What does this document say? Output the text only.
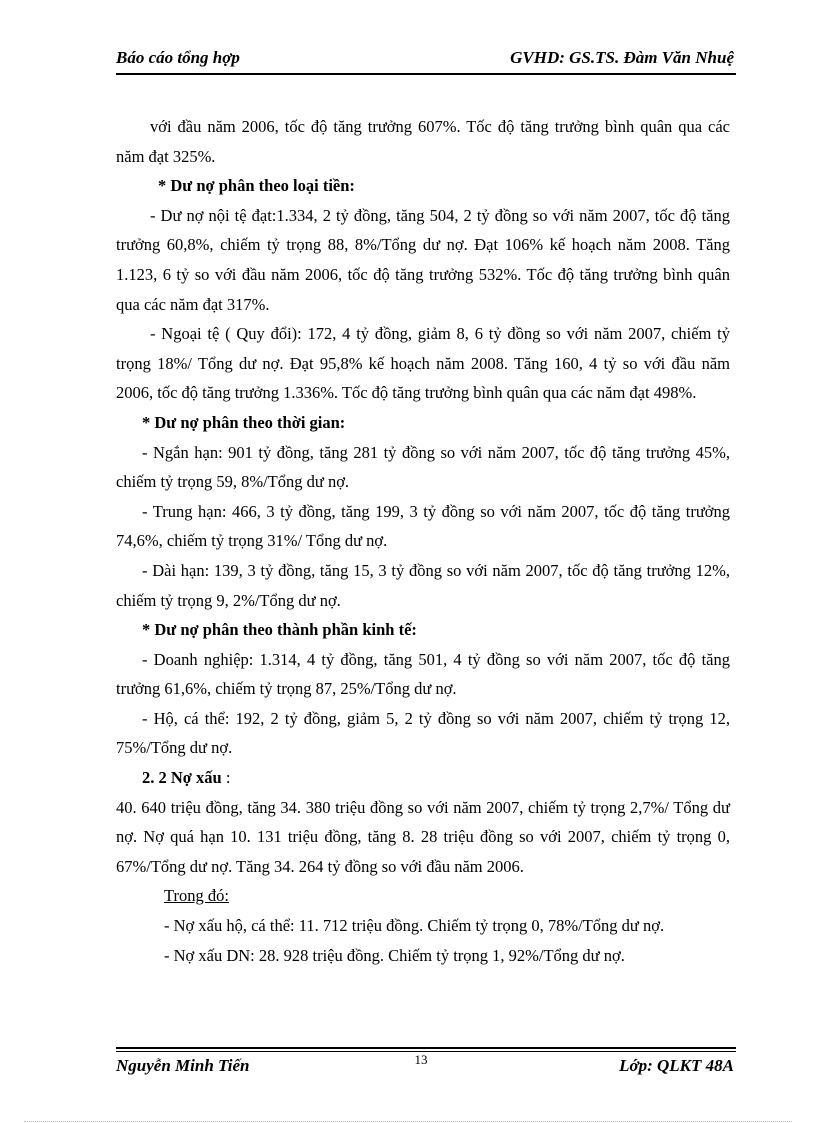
Báo cáo tổng hợp	GVHD: GS.TS. Đàm Văn Nhuệ

với đầu năm 2006, tốc độ tăng trưởng 607%. Tốc độ tăng trưởng bình quân qua các năm đạt 325%.

* Dư nợ phân theo loại tiền:

- Dư nợ nội tệ đạt:1.334, 2 tỷ đồng, tăng 504, 2 tỷ đồng so với năm 2007, tốc độ tăng trưởng 60,8%, chiếm tỷ trọng 88, 8%/Tổng dư nợ. Đạt 106% kế hoạch năm 2008. Tăng 1.123, 6 tỷ so với đầu năm 2006, tốc độ tăng trưởng 532%. Tốc độ tăng trưởng bình quân qua các năm đạt 317%.

- Ngoại tệ ( Quy đổi): 172, 4 tỷ đồng, giảm 8, 6 tỷ đồng so với năm 2007, chiếm tỷ trọng 18%/ Tổng dư nợ. Đạt 95,8% kế hoạch năm 2008. Tăng 160, 4 tỷ so với đầu năm 2006, tốc độ tăng trưởng 1.336%. Tốc độ tăng trưởng bình quân qua các năm đạt 498%.

* Dư nợ phân theo thời gian:

- Ngắn hạn: 901 tỷ đồng, tăng 281 tỷ đồng so với năm 2007, tốc độ tăng trưởng 45%, chiếm tỷ trọng 59, 8%/Tổng dư nợ.

- Trung hạn: 466, 3 tỷ đồng, tăng 199, 3 tỷ đồng so với năm 2007, tốc độ tăng trưởng 74,6%, chiếm tỷ trọng 31%/ Tổng dư nợ.

- Dài hạn: 139, 3 tỷ đồng, tăng 15, 3 tỷ đồng so với năm 2007, tốc độ tăng trưởng 12%, chiếm tỷ trọng 9, 2%/Tổng dư nợ.

* Dư nợ phân theo thành phần kinh tế:

- Doanh nghiệp: 1.314, 4 tỷ đồng, tăng 501, 4 tỷ đồng so với năm 2007, tốc độ tăng trưởng 61,6%, chiếm tỷ trọng 87, 25%/Tổng dư nợ.

- Hộ, cá thể: 192, 2 tỷ đồng, giảm 5, 2 tỷ đồng so với năm 2007, chiếm tỷ trọng 12, 75%/Tổng dư nợ.

2. 2 Nợ xấu :

40. 640 triệu đồng, tăng 34. 380 triệu đồng so với năm 2007, chiếm tỷ trọng 2,7%/ Tổng dư nợ. Nợ quá hạn 10. 131 triệu đồng, tăng 8. 28 triệu đồng so với 2007, chiếm tỷ trọng 0, 67%/Tổng dư nợ. Tăng 34. 264 tỷ đồng so với đầu năm 2006.

Trong đó:

- Nợ xấu hộ, cá thể: 11. 712 triệu đồng. Chiếm tỷ trọng 0, 78%/Tổng dư nợ.

- Nợ xấu DN: 28. 928 triệu đồng. Chiếm tỷ trọng 1, 92%/Tổng dư nợ.

13
Nguyễn Minh Tiến	Lớp: QLKT 48A
